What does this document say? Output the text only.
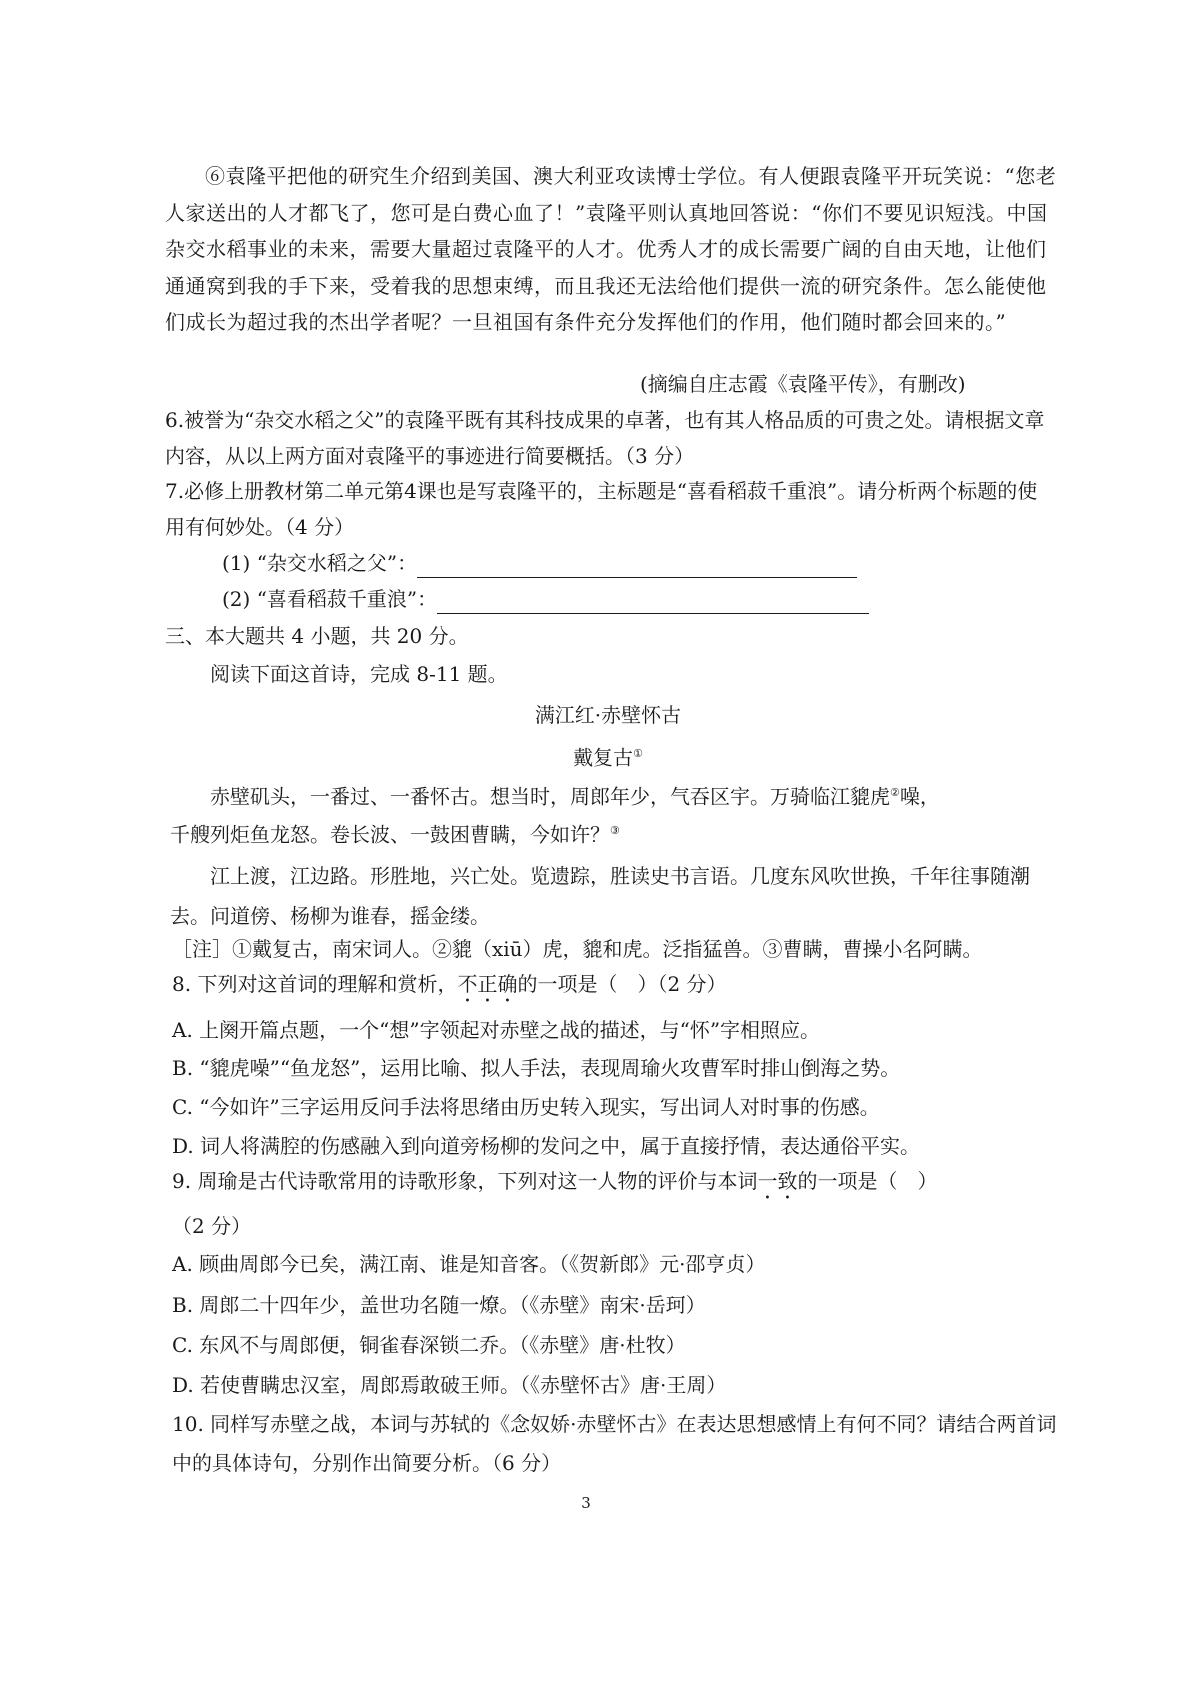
⑥袁隆平把他的研究生介绍到美国、澳大利亚攻读博士学位。有人便跟袁隆平开玩笑说：“您老人家送出的人才都飞了，您可是白费心血了！”袁隆平则认真地回答说：“你们不要见识短浅。中国杂交水稻事业的未来，需要大量超过袁隆平的人才。优秀人才的成长需要广阔的自由天地，让他们通通窝到我的手下来，受着我的思想束缚，而且我还无法给他们提供一流的研究条件。怎么能使他们成长为超过我的杰出学者呢？一旦祖国有条件充分发挥他们的作用，他们随时都会回来的。”
(摘编自庄志霞《袁隆平传》，有删改)
6.被誉为“杂交水稻之父”的袁隆平既有其科技成果的卓著，也有其人格品质的可贵之处。请根据文章内容，从以上两方面对袁隆平的事迹进行简要概括。（3 分）
7.必修上册教材第二单元第4课也是写袁隆平的，主标题是“喜看稻菽千重浪”。请分析两个标题的使用有何妙处。（4 分）
(1) “杂交水稻之父”：
(2) “喜看稻菽千重浪”：
三、本大题共 4 小题，共 20 分。
阅读下面这首诗，完成 8-11 题。
满江红·赤壁怀古
戴复古①
赤壁矶头，一番过、一番怀古。想当时，周郎年少，气吞区宇。万骑临江貔虎②噪，
千艘列炬鱼龙怒。卷长波、一鼓困曹瞒，今如许？③
江上渡，江边路。形胜地，兴亡处。览遗踪，胜读史书言语。几度东风吹世换，千年往事随潮去。问道傍、杨柳为谁春，摇金缕。
［注］①戴复古，南宋词人。②貔（xiū）虎，貔和虎。泛指猛兽。③曹瞒，曹操小名阿瞒。
8. 下列对这首词的理解和赏析，不正确的一项是（　）（2 分）
A. 上阕开篇点题，一个“想”字领起对赤壁之战的描述，与“怀”字相照应。
B. “貔虎噪”“鱼龙怒”，运用比喻、拟人手法，表现周瑜火攻曹军时排山倒海之势。
C. “今如许”三字运用反问手法将思绪由历史转入现实，写出词人对时事的伤感。
D. 词人将满腔的伤感融入到向道旁杨柳的发问之中，属于直接抒情，表达通俗平实。
9. 周瑜是古代诗歌常用的诗歌形象，下列对这一人物的评价与本词一致的一项是（　）
（2 分）
A. 顾曲周郎今已矣，满江南、谁是知音客。（《贺新郎》元·邵亨贞）
B. 周郎二十四年少，盖世功名随一燎。（《赤壁》南宋·岳珂）
C. 东风不与周郎便，铜雀春深锁二乔。（《赤壁》唐·杜牧）
D. 若使曹瞒忠汉室，周郎焉敢破王师。（《赤壁怀古》唐·王周）
10. 同样写赤壁之战，本词与苏轼的《念奴娇·赤壁怀古》在表达思想感情上有何不同？请结合两首词中的具体诗句，分别作出简要分析。（6 分）
3
